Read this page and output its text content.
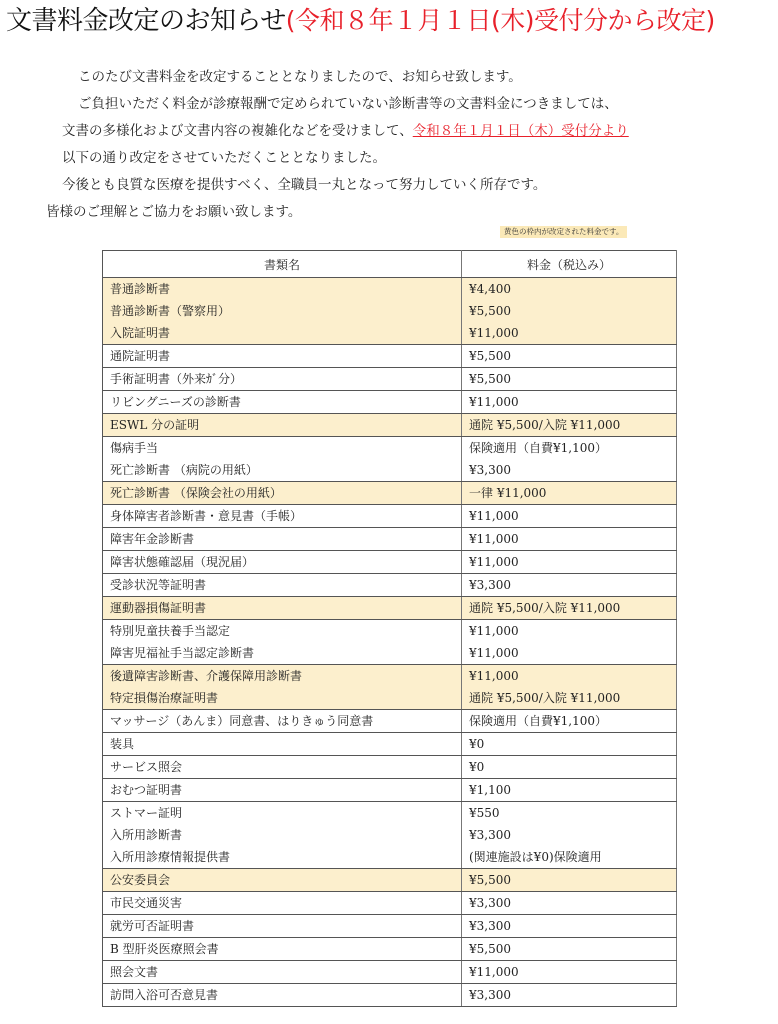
文書料金改定のお知らせ(令和８年１月１日(木)受付分から改定)

このたび文書料金を改定することとなりましたので、お知らせ致します。

ご負担いただく料金が診療報酬で定められていない診断書等の文書料金につきましては、

文書の多様化および文書内容の複雑化などを受けまして、令和８年１月１日（木）受付分より

以下の通り改定をさせていただくこととなりました。

今後とも良質な医療を提供すべく、全職員一丸となって努力していく所存です。

皆様のご理解とご協力をお願い致します。

黄色の枠内が改定された料金です。
書類名	料金（税込み）
普通診断書	¥4,400
普通診断書（警察用）	¥5,500
入院証明書	¥11,000
通院証明書	¥5,500
手術証明書（外来ｶﾞ分）	¥5,500
リビングニーズの診断書	¥11,000
ESWL 分の証明	通院 ¥5,500/入院 ¥11,000
傷病手当	保険適用（自費¥1,100）
死亡診断書 （病院の用紙）	¥3,300
死亡診断書 （保険会社の用紙）	一律 ¥11,000
身体障害者診断書・意見書（手帳）	¥11,000
障害年金診断書	¥11,000
障害状態確認届（現況届）	¥11,000
受診状況等証明書	¥3,300
運動器損傷証明書	通院 ¥5,500/入院 ¥11,000
特別児童扶養手当認定	¥11,000
障害児福祉手当認定診断書	¥11,000
後遺障害診断書、介護保障用診断書	¥11,000
特定損傷治療証明書	通院 ¥5,500/入院 ¥11,000
マッサージ（あんま）同意書、はりきゅう同意書	保険適用（自費¥1,100）
装具	¥0
サービス照会	¥0
おむつ証明書	¥1,100
ストマー証明	¥550
入所用診断書	¥3,300
入所用診療情報提供書	(関連施設は¥0)保険適用
公安委員会	¥5,500
市民交通災害	¥3,300
就労可否証明書	¥3,300
B 型肝炎医療照会書	¥5,500
照会文書	¥11,000
訪問入浴可否意見書	¥3,300
